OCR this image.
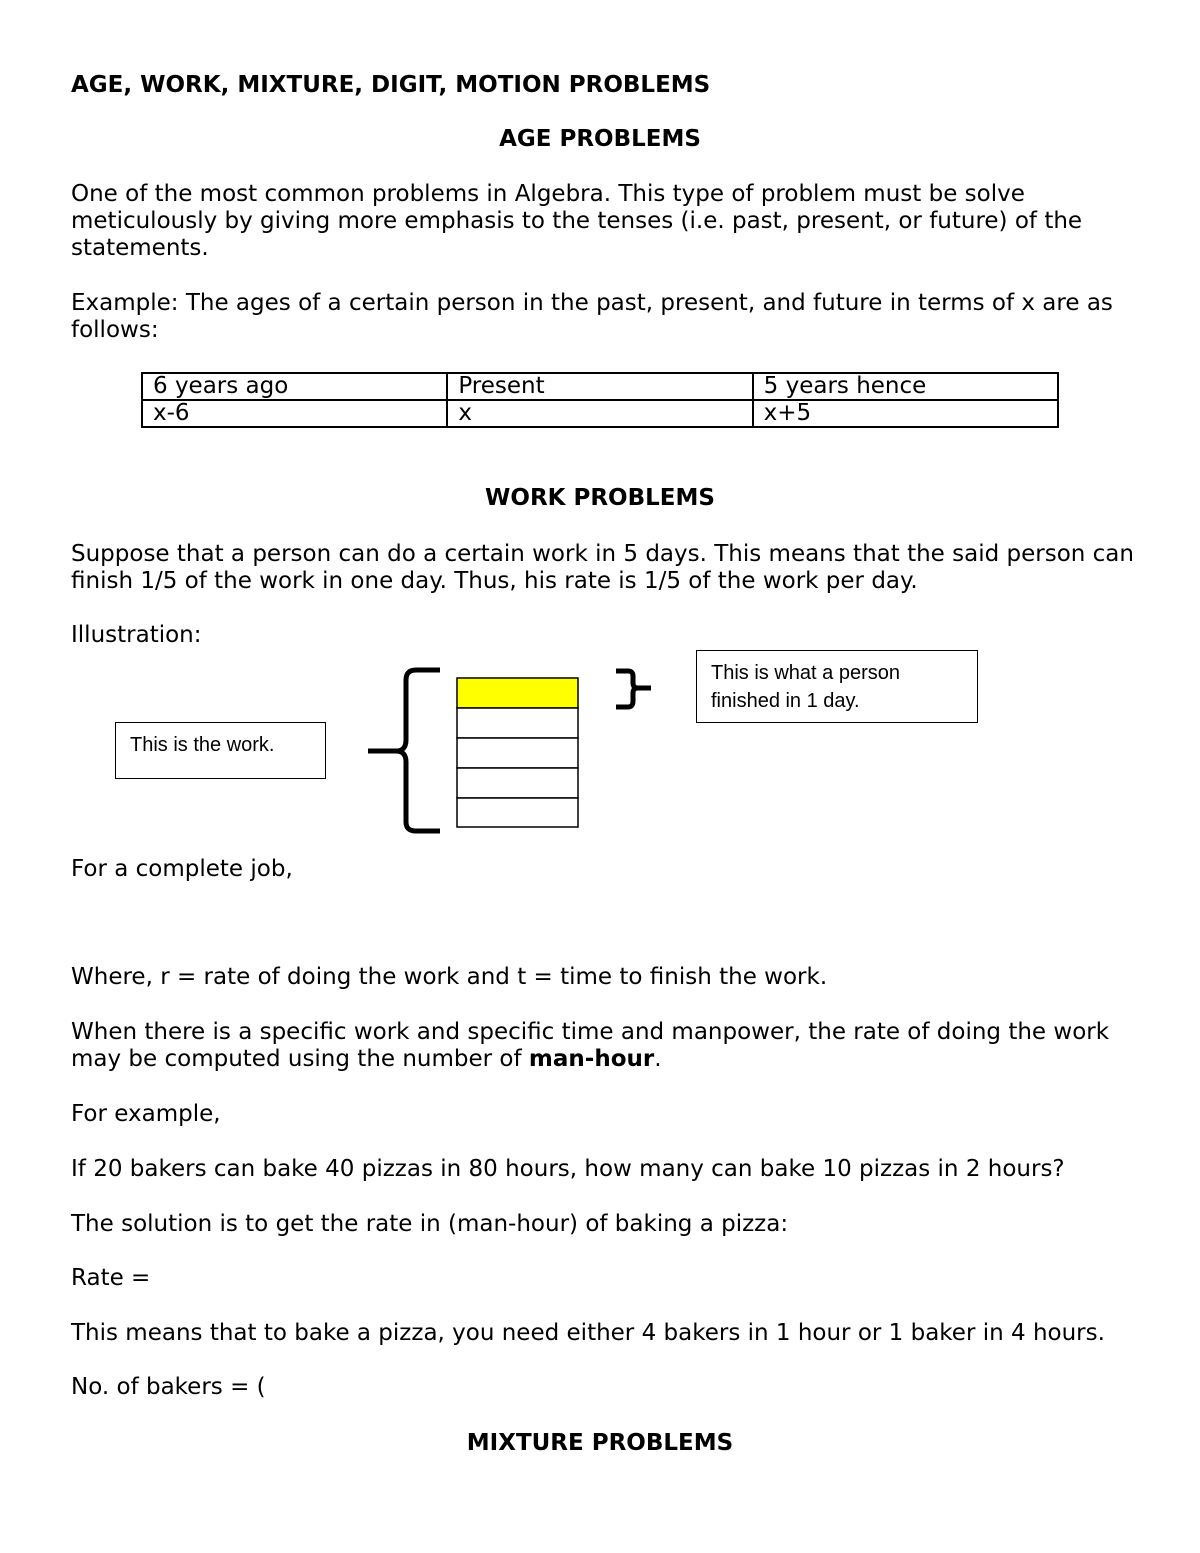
AGE, WORK, MIXTURE, DIGIT, MOTION PROBLEMS
AGE PROBLEMS
One of the most common problems in Algebra. This type of problem must be solve meticulously by giving more emphasis to the tenses (i.e. past, present, or future) of the statements.
Example: The ages of a certain person in the past, present, and future in terms of x are as follows:
6 years ago	Present	5 years hence
x-6	x	x+5
WORK PROBLEMS
Suppose that a person can do a certain work in 5 days. This means that the said person can finish 1/5 of the work in one day. Thus, his rate is 1/5 of the work per day.
Illustration:
This is the work.
This is what a person finished in 1 day.
For a complete job,
Where, r = rate of doing the work and t = time to finish the work.
When there is a specific work and specific time and manpower, the rate of doing the work may be computed using the number of man-hour.
For example,
If 20 bakers can bake 40 pizzas in 80 hours, how many can bake 10 pizzas in 2 hours?
The solution is to get the rate in (man-hour) of baking a pizza:
Rate =
This means that to bake a pizza, you need either 4 bakers in 1 hour or 1 baker in 4 hours.
No. of bakers = (
MIXTURE PROBLEMS
